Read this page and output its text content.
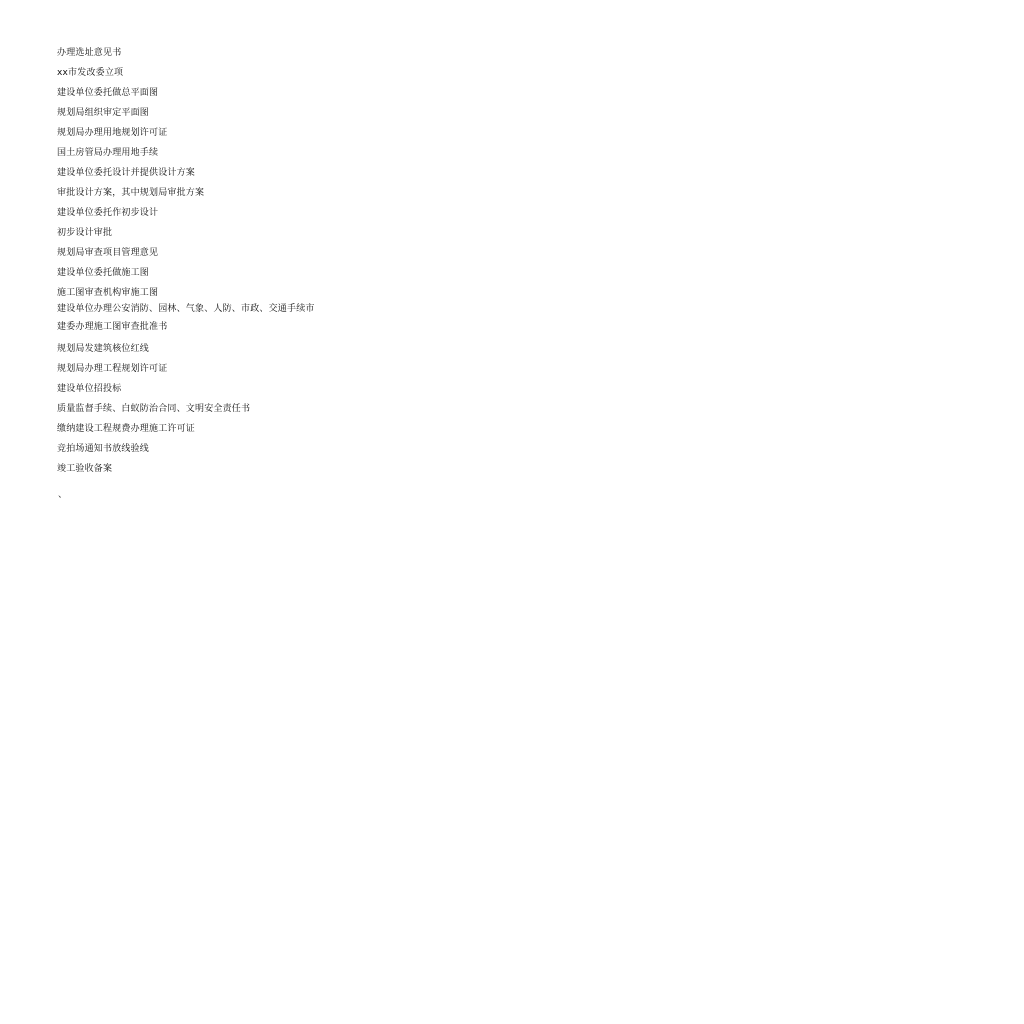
办理选址意见书
xx市发改委立项
建设单位委托做总平面图
规划局组织审定平面图
规划局办理用地规划许可证
国土房管局办理用地手续
建设单位委托设计并提供设计方案
审批设计方案，其中规划局审批方案
建设单位委托作初步设计
初步设计审批
规划局审查项目管理意见
建设单位委托做施工图
施工图审查机构审施工图
建设单位办理公安消防、园林、气象、人防、市政、交通手续市
建委办理施工图审查批准书
规划局发建筑核位红线
规划局办理工程规划许可证
建设单位招投标
质量监督手续、白蚁防治合同、文明安全责任书
缴纳建设工程规费办理施工许可证
竞拍场通知书放线验线
竣工验收备案
、
